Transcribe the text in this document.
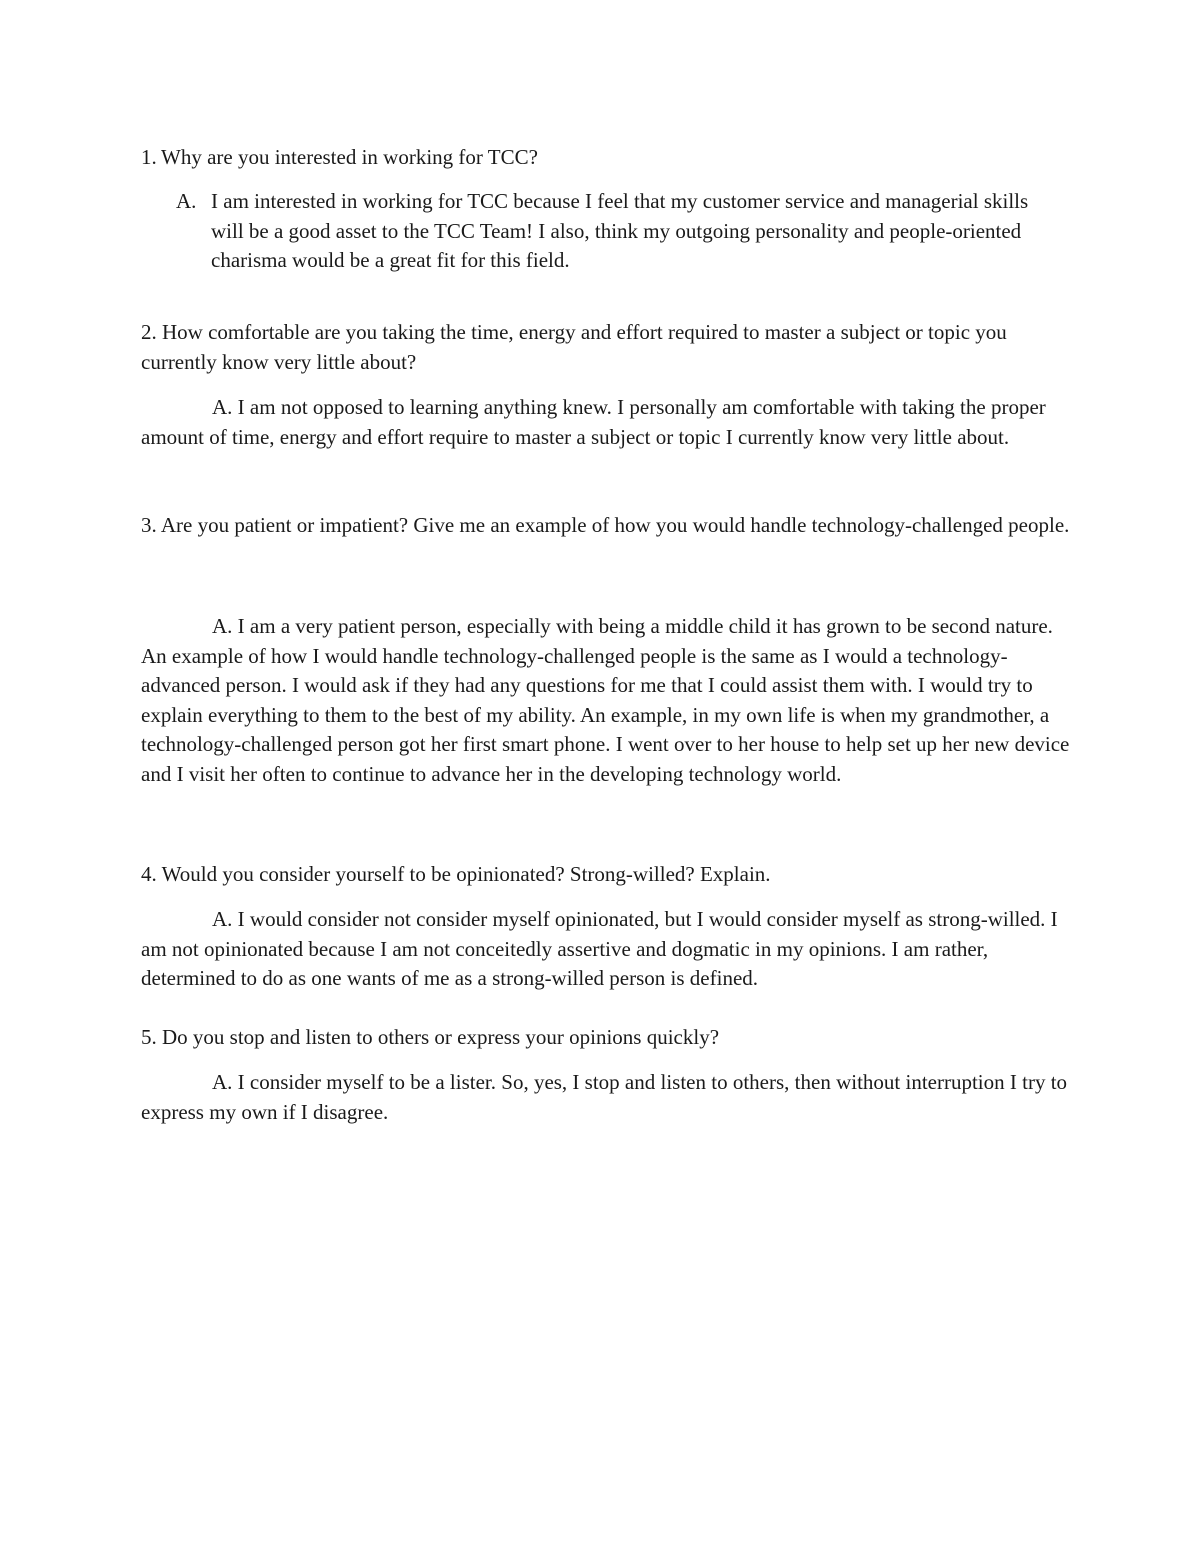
1. Why are you interested in working for TCC?

A. I am interested in working for TCC because I feel that my customer service and managerial skills will be a good asset to the TCC Team! I also, think my outgoing personality and people-oriented charisma would be a great fit for this field.

2. How comfortable are you taking the time, energy and effort required to master a subject or topic you currently know very little about?

A. I am not opposed to learning anything knew. I personally am comfortable with taking the proper amount of time, energy and effort require to master a subject or topic I currently know very little about.

3. Are you patient or impatient? Give me an example of how you would handle technology-challenged people.

A. I am a very patient person, especially with being a middle child it has grown to be second nature. An example of how I would handle technology-challenged people is the same as I would a technology-advanced person. I would ask if they had any questions for me that I could assist them with. I would try to explain everything to them to the best of my ability. An example, in my own life is when my grandmother, a technology-challenged person got her first smart phone. I went over to her house to help set up her new device and I visit her often to continue to advance her in the developing technology world.

4. Would you consider yourself to be opinionated? Strong-willed? Explain.

A. I would consider not consider myself opinionated, but I would consider myself as strong-willed. I am not opinionated because I am not conceitedly assertive and dogmatic in my opinions. I am rather, determined to do as one wants of me as a strong-willed person is defined.

5. Do you stop and listen to others or express your opinions quickly?

A. I consider myself to be a lister. So, yes, I stop and listen to others, then without interruption I try to express my own if I disagree.
